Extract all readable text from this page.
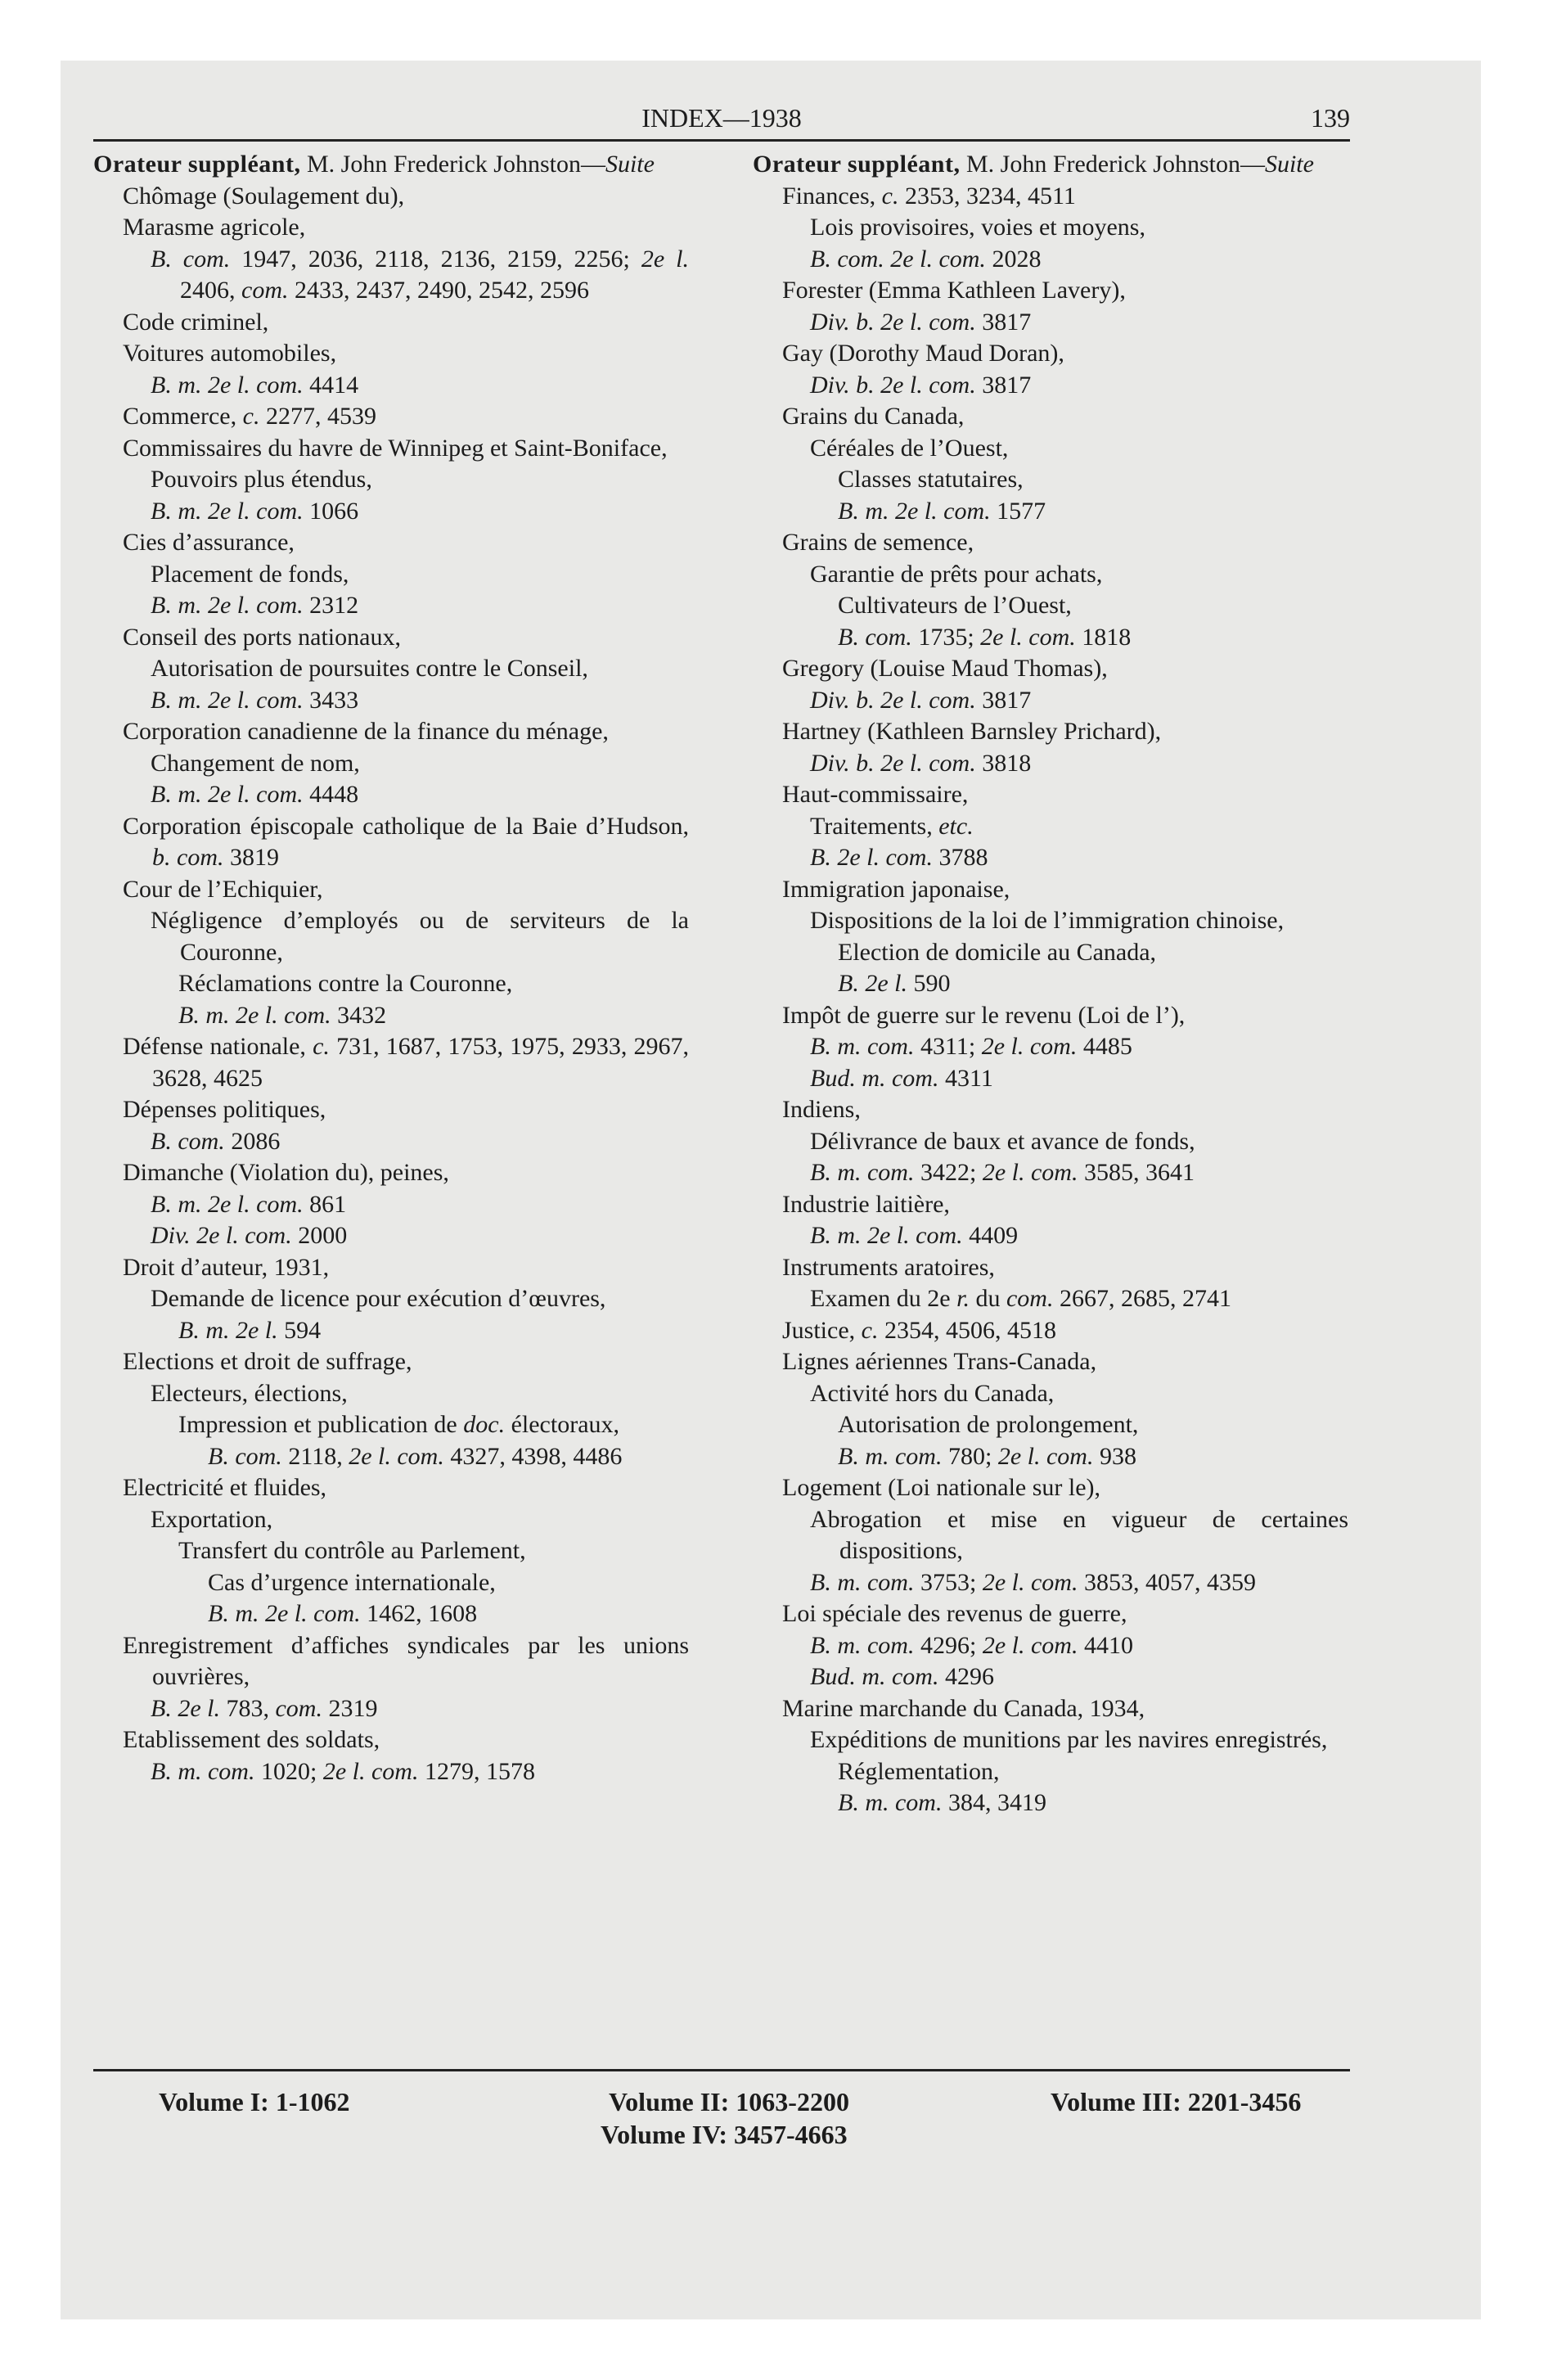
INDEX—1938	139
Orateur suppléant, M. John Frederick Johnston—Suite
Chômage (Soulagement du),
Marasme agricole,
B. com. 1947, 2036, 2118, 2136, 2159, 2256; 2e l. 2406, com. 2433, 2437, 2490, 2542, 2596
Code criminel,
Voitures automobiles,
B. m. 2e l. com. 4414
Commerce, c. 2277, 4539
Commissaires du havre de Winnipeg et Saint-Boniface,
Pouvoirs plus étendus,
B. m. 2e l. com. 1066
Cies d’assurance,
Placement de fonds,
B. m. 2e l. com. 2312
Conseil des ports nationaux,
Autorisation de poursuites contre le Conseil,
B. m. 2e l. com. 3433
Corporation canadienne de la finance du ménage,
Changement de nom,
B. m. 2e l. com. 4448
Corporation épiscopale catholique de la Baie d’Hudson, b. com. 3819
Cour de l’Echiquier,
Négligence d’employés ou de serviteurs de la Couronne,
Réclamations contre la Couronne,
B. m. 2e l. com. 3432
Défense nationale, c. 731, 1687, 1753, 1975, 2933, 2967, 3628, 4625
Dépenses politiques,
B. com. 2086
Dimanche (Violation du), peines,
B. m. 2e l. com. 861
Div. 2e l. com. 2000
Droit d’auteur, 1931,
Demande de licence pour exécution d’œuvres,
B. m. 2e l. 594
Elections et droit de suffrage,
Electeurs, élections,
Impression et publication de doc. électoraux,
B. com. 2118, 2e l. com. 4327, 4398, 4486
Electricité et fluides,
Exportation,
Transfert du contrôle au Parlement,
Cas d’urgence internationale,
B. m. 2e l. com. 1462, 1608
Enregistrement d’affiches syndicales par les unions ouvrières,
B. 2e l. 783, com. 2319
Etablissement des soldats,
B. m. com. 1020; 2e l. com. 1279, 1578
Orateur suppléant, M. John Frederick Johnston—Suite
Finances, c. 2353, 3234, 4511
Lois provisoires, voies et moyens,
B. com. 2e l. com. 2028
Forester (Emma Kathleen Lavery),
Div. b. 2e l. com. 3817
Gay (Dorothy Maud Doran),
Div. b. 2e l. com. 3817
Grains du Canada,
Céréales de l’Ouest,
Classes statutaires,
B. m. 2e l. com. 1577
Grains de semence,
Garantie de prêts pour achats,
Cultivateurs de l’Ouest,
B. com. 1735; 2e l. com. 1818
Gregory (Louise Maud Thomas),
Div. b. 2e l. com. 3817
Hartney (Kathleen Barnsley Prichard),
Div. b. 2e l. com. 3818
Haut-commissaire,
Traitements, etc.
B. 2e l. com. 3788
Immigration japonaise,
Dispositions de la loi de l’immigration chinoise,
Election de domicile au Canada,
B. 2e l. 590
Impôt de guerre sur le revenu (Loi de l’),
B. m. com. 4311; 2e l. com. 4485
Bud. m. com. 4311
Indiens,
Délivrance de baux et avance de fonds,
B. m. com. 3422; 2e l. com. 3585, 3641
Industrie laitière,
B. m. 2e l. com. 4409
Instruments aratoires,
Examen du 2e r. du com. 2667, 2685, 2741
Justice, c. 2354, 4506, 4518
Lignes aériennes Trans-Canada,
Activité hors du Canada,
Autorisation de prolongement,
B. m. com. 780; 2e l. com. 938
Logement (Loi nationale sur le),
Abrogation et mise en vigueur de certaines dispositions,
B. m. com. 3753; 2e l. com. 3853, 4057, 4359
Loi spéciale des revenus de guerre,
B. m. com. 4296; 2e l. com. 4410
Bud. m. com. 4296
Marine marchande du Canada, 1934,
Expéditions de munitions par les navires enregistrés,
Réglementation,
B. m. com. 384, 3419
Volume I: 1-1062	Volume II: 1063-2200	Volume III: 2201-3456
Volume IV: 3457-4663
